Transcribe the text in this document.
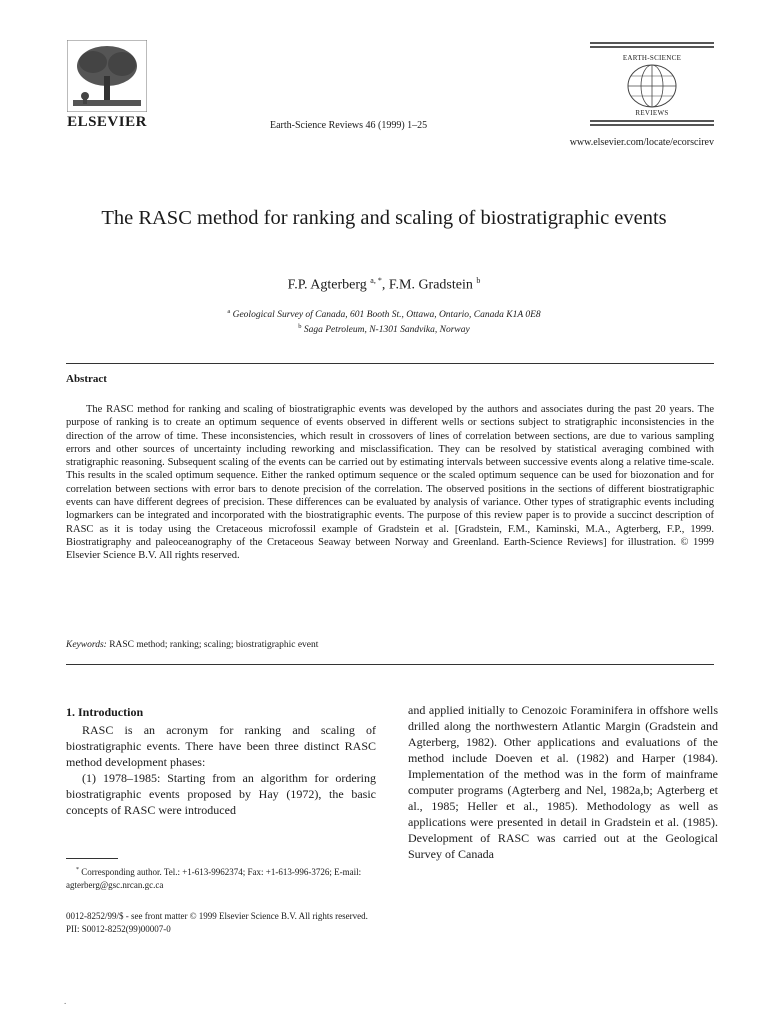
ELSEVIER	Earth-Science Reviews 46 (1999) 1–25
EARTH-SCIENCE
REVIEWS
www.elsevier.com/locate/ecorscirev
The RASC method for ranking and scaling of biostratigraphic events
F.P. Agterberg $^{a, *}$, F.M. Gradstein $^b$
$^a$ Geological Survey of Canada, 601 Booth St., Ottawa, Ontario, Canada K1A 0E8
$^b$ Saga Petroleum, N-1301 Sandvika, Norway
Abstract
The RASC method for ranking and scaling of biostratigraphic events was developed by the authors and associates during the past 20 years. The purpose of ranking is to create an optimum sequence of events observed in different wells or sections subject to stratigraphic inconsistencies in the direction of the arrow of time. These inconsistencies, which result in crossovers of lines of correlation between sections, are due to various sampling errors and other sources of uncertainty including reworking and misclassification. They can be resolved by statistical averaging combined with stratigraphic reasoning. Subsequent scaling of the events can be carried out by estimating intervals between successive events along a relative time-scale. This results in the scaled optimum sequence. Either the ranked optimum sequence or the scaled optimum sequence can be used for biozonation and for correlation between sections with error bars to denote precision of the correlation. The observed positions in the sections of different biostratigraphic events can have different degrees of precision. These differences can be evaluated by analysis of variance. Other types of stratigraphic events including logmarkers can be integrated and incorporated with the biostratigraphic events. The purpose of this review paper is to provide a succinct description of RASC as it is today using the Cretaceous microfossil example of Gradstein et al. [Gradstein, F.M., Kaminski, M.A., Agterberg, F.P., 1999. Biostratigraphy and paleoceanography of the Cretaceous Seaway between Norway and Greenland. Earth-Science Reviews] for illustration. © 1999 Elsevier Science B.V. All rights reserved.
Keywords: RASC method; ranking; scaling; biostratigraphic event
1. Introduction

RASC is an acronym for ranking and scaling of biostratigraphic events. There have been three distinct RASC method development phases:

(1) 1978–1985: Starting from an algorithm for ordering biostratigraphic events proposed by Hay (1972), the basic concepts of RASC were introduced

and applied initially to Cenozoic Foraminifera in offshore wells drilled along the northwestern Atlantic Margin (Gradstein and Agterberg, 1982). Other applications and evaluations of the method include Doeven et al. (1982) and Harper (1984). Implementation of the method was in the form of mainframe computer programs (Agterberg and Nel, 1982a,b; Agterberg et al., 1985; Heller et al., 1985). Methodology as well as applications were presented in detail in Gradstein et al. (1985). Development of RASC was carried out at the Geological Survey of Canada

* Corresponding author. Tel.: +1-613-9962374; Fax: +1-613-996-3726; E-mail: agterberg@gsc.nrcan.gc.ca
0012-8252/99/$ - see front matter © 1999 Elsevier Science B.V. All rights reserved.
PII: S0012-8252(99)00007-0
.
